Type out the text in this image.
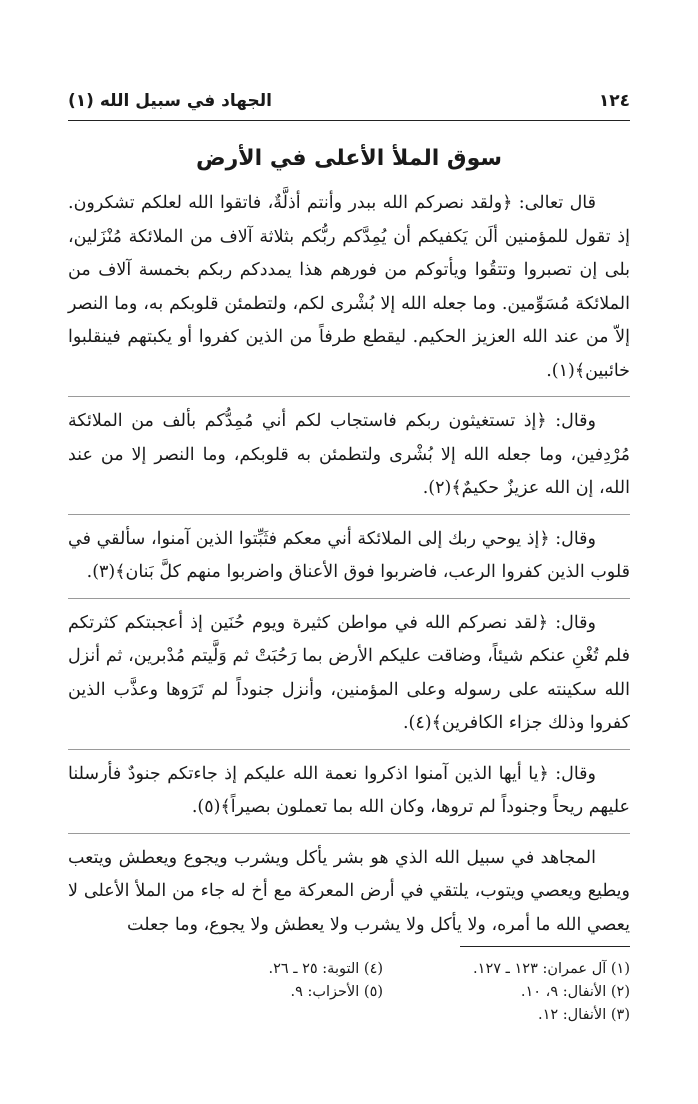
١٢٤
الجهاد في سبيل الله (١)
سوق الملأ الأعلى في الأرض

قال تعالى: ﴿ولقد نصركم الله ببدر وأنتم أذلَّةٌ، فاتقوا الله لعلكم تشكرون. إذ تقول للمؤمنين ألَن يَكفيكم أن يُمِدَّكم ربُّكم بثلاثة آلاف من الملائكة مُنْزَلين، بلى إن تصبروا وتتقُوا ويأتوكم من فورهم هذا يمددكم ربكم بخمسة آلاف من الملائكة مُسَوِّمين. وما جعله الله إلا بُشْرى لكم، ولتطمئن قلوبكم به، وما النصر إلاّ من عند الله العزيز الحكيم. ليقطع طرفاً من الذين كفروا أو يكبتهم فينقلبوا خائبين﴾(١).

وقال: ﴿إذ تستغيثون ربكم فاستجاب لكم أني مُمِدُّكم بألف من الملائكة مُرْدِفين، وما جعله الله إلا بُشْرى ولتطمئن به قلوبكم، وما النصر إلا من عند الله، إن الله عزيزٌ حكيمٌ﴾(٢).

وقال: ﴿إذ يوحي ربك إلى الملائكة أني معكم فثَبِّتوا الذين آمنوا، سألقي في قلوب الذين كفروا الرعب، فاضربوا فوق الأعناق واضربوا منهم كلَّ بَنان﴾(٣).

وقال: ﴿لقد نصركم الله في مواطن كثيرة ويوم حُنَين إذ أعجبتكم كثرتكم فلم تُغْنِ عنكم شيئاً، وضاقت عليكم الأرض بما رَحُبَتْ ثم وَلَّيتم مُدْبرين، ثم أنزل الله سكينته على رسوله وعلى المؤمنين، وأنزل جنوداً لم تَرَوها وعذَّب الذين كفروا وذلك جزاء الكافرين﴾(٤).

وقال: ﴿يا أيها الذين آمنوا اذكروا نعمة الله عليكم إذ جاءتكم جنودٌ فأرسلنا عليهم ريحاً وجنوداً لم تروها، وكان الله بما تعملون بصيراً﴾(٥).

المجاهد في سبيل الله الذي هو بشر يأكل ويشرب ويجوع ويعطش ويتعب ويطيع ويعصي ويتوب، يلتقي في أرض المعركة مع أخ له جاء من الملأ الأعلى لا يعصي الله ما أمره، ولا يأكل ولا يشرب ولا يعطش ولا يجوع، وما جعلت

(١) آل عمران: ١٢٣ ـ ١٢٧.
(٢) الأنفال: ٩، ١٠.
(٣) الأنفال: ١٢.
(٤) التوبة: ٢٥ ـ ٢٦.
(٥) الأحزاب: ٩.
